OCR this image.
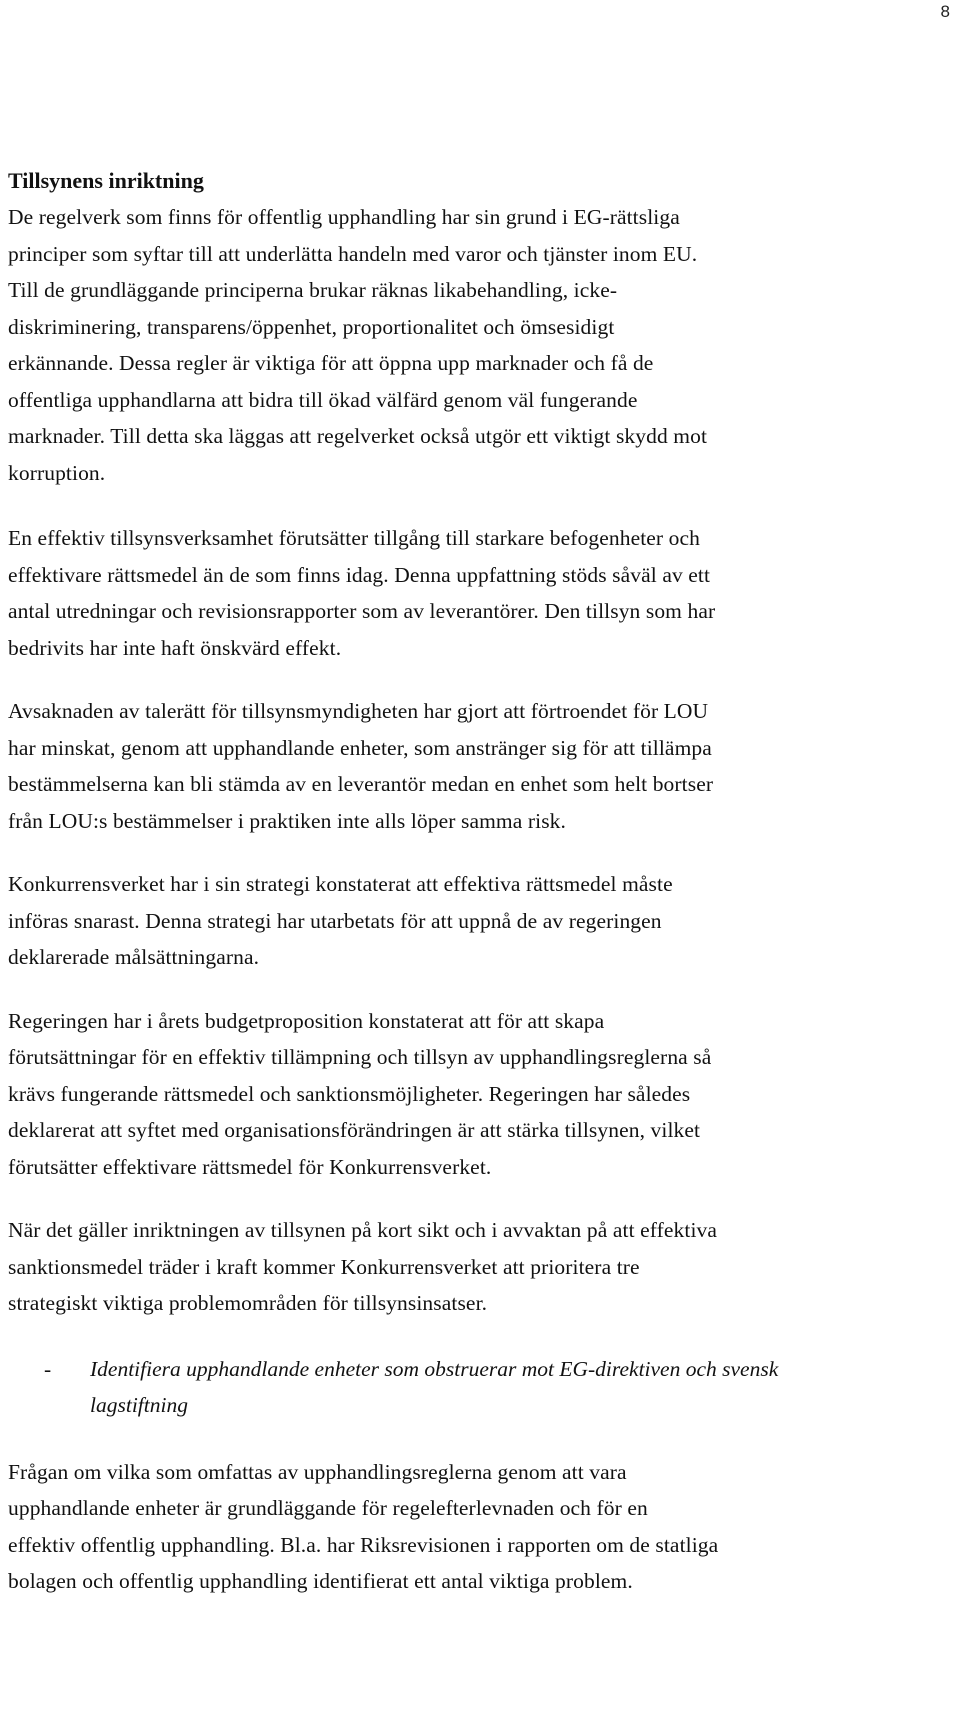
8
Tillsynens inriktning

De regelverk som finns för offentlig upphandling har sin grund i EG-rättsliga
principer som syftar till att underlätta handeln med varor och tjänster inom EU.
Till de grundläggande principerna brukar räknas likabehandling, icke-
diskriminering, transparens/öppenhet, proportionalitet och ömsesidigt
erkännande. Dessa regler är viktiga för att öppna upp marknader och få de
offentliga upphandlarna att bidra till ökad välfärd genom väl fungerande
marknader. Till detta ska läggas att regelverket också utgör ett viktigt skydd mot
korruption.

En effektiv tillsynsverksamhet förutsätter tillgång till starkare befogenheter och
effektivare rättsmedel än de som finns idag. Denna uppfattning stöds såväl av ett
antal utredningar och revisionsrapporter som av leverantörer. Den tillsyn som har
bedrivits har inte haft önskvärd effekt.

Avsaknaden av talerätt för tillsynsmyndigheten har gjort att förtroendet för LOU
har minskat, genom att upphandlande enheter, som anstränger sig för att tillämpa
bestämmelserna kan bli stämda av en leverantör medan en enhet som helt bortser
från LOU:s bestämmelser i praktiken inte alls löper samma risk.

Konkurrensverket har i sin strategi konstaterat att effektiva rättsmedel måste
införas snarast. Denna strategi har utarbetats för att uppnå de av regeringen
deklarerade målsättningarna.

Regeringen har i årets budgetproposition konstaterat att för att skapa
förutsättningar för en effektiv tillämpning och tillsyn av upphandlingsreglerna så
krävs fungerande rättsmedel och sanktionsmöjligheter. Regeringen har således
deklarerat att syftet med organisationsförändringen är att stärka tillsynen, vilket
förutsätter effektivare rättsmedel för Konkurrensverket.

När det gäller inriktningen av tillsynen på kort sikt och i avvaktan på att effektiva
sanktionsmedel träder i kraft kommer Konkurrensverket att prioritera tre
strategiskt viktiga problemområden för tillsynsinsatser.

- Identifiera upphandlande enheter som obstruerar mot EG-direktiven och svensk
lagstiftning

Frågan om vilka som omfattas av upphandlingsreglerna genom att vara
upphandlande enheter är grundläggande för regelefterlevnaden och för en
effektiv offentlig upphandling. Bl.a. har Riksrevisionen i rapporten om de statliga
bolagen och offentlig upphandling identifierat ett antal viktiga problem.
